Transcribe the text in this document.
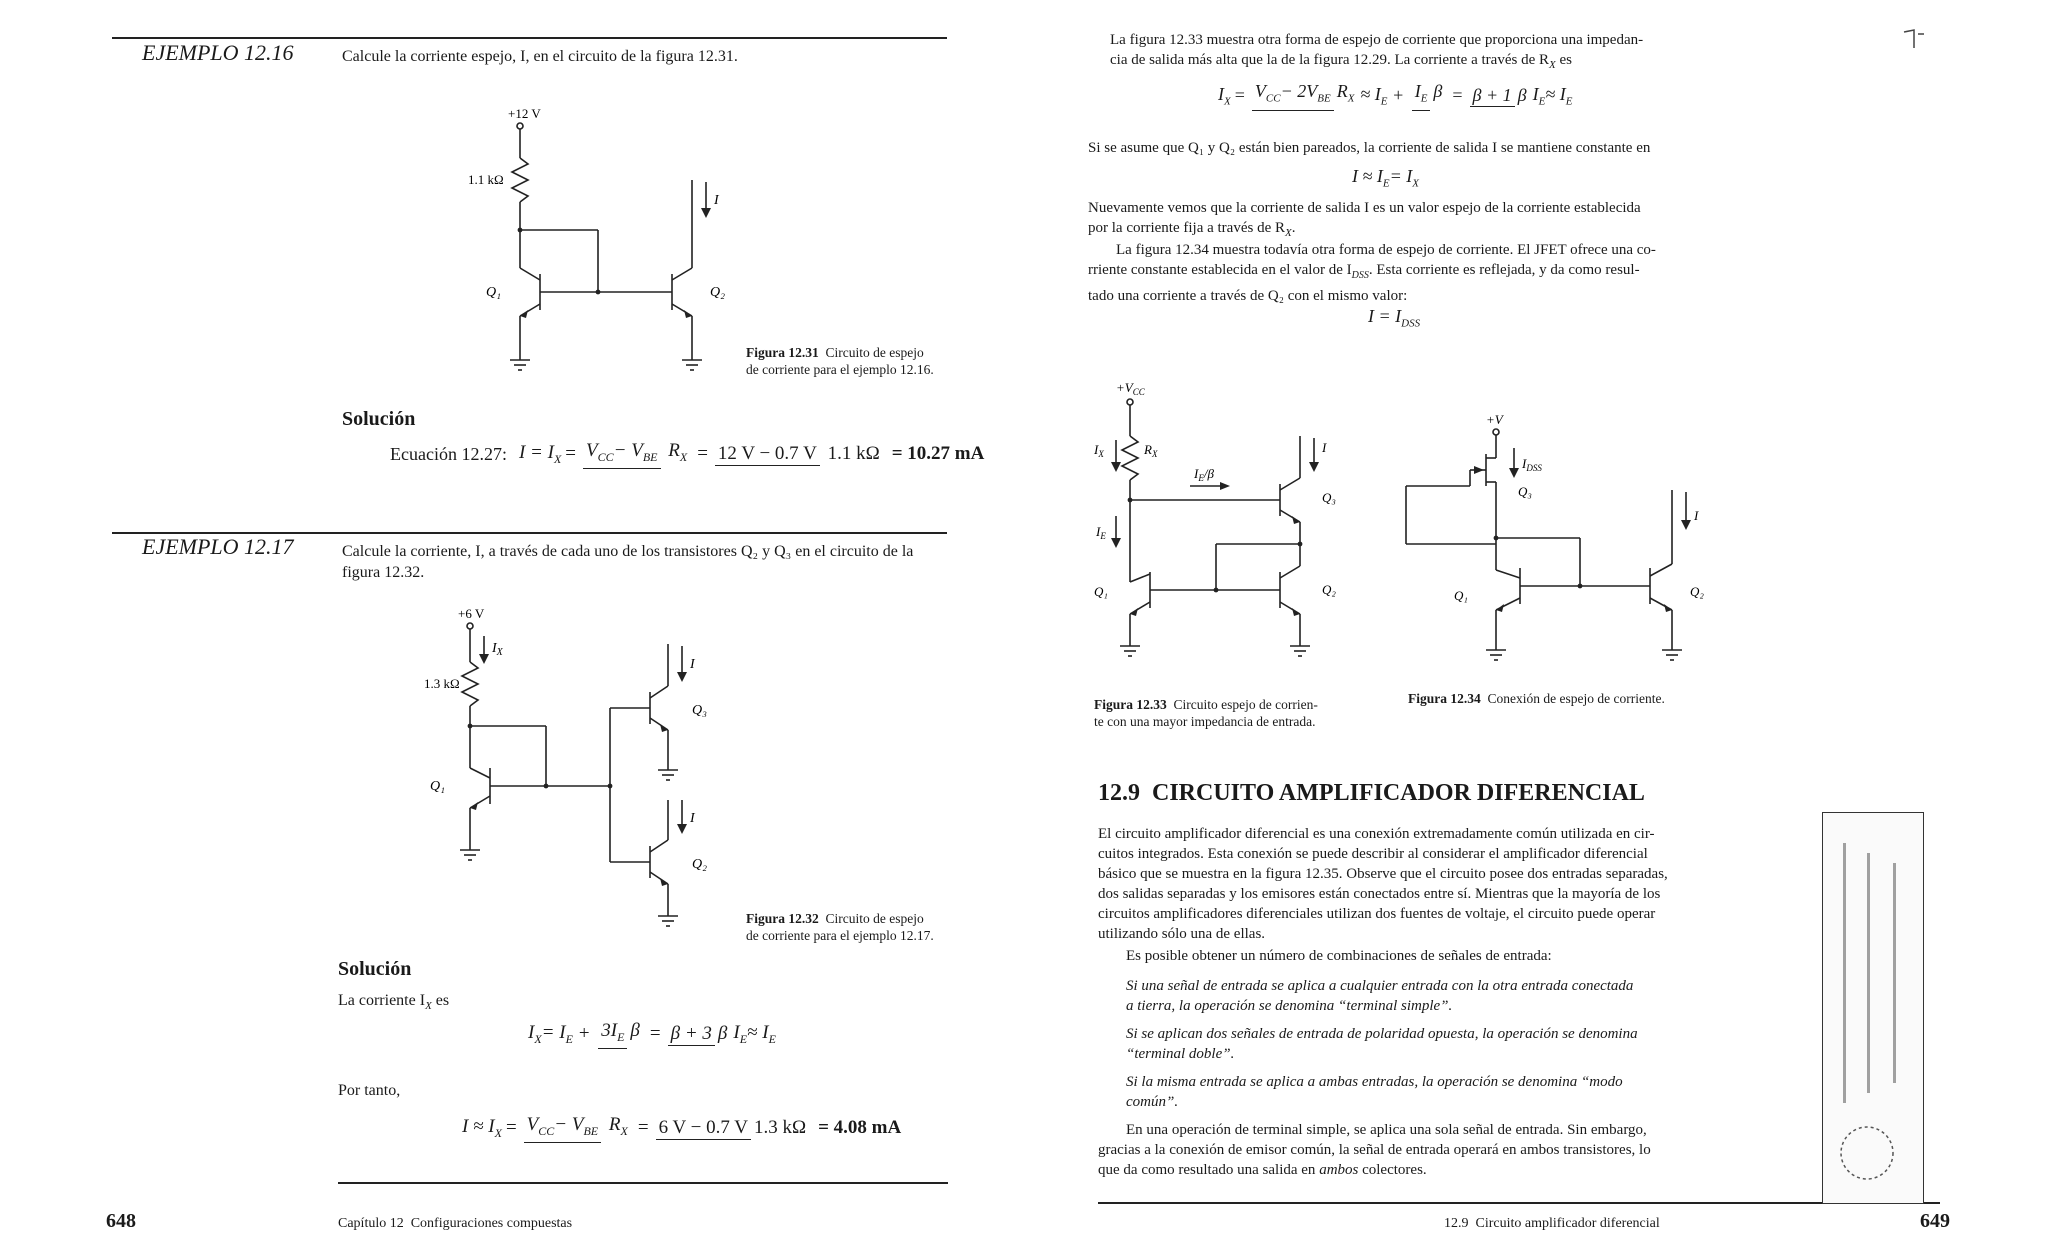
EJEMPLO 12.16	Calcule la corriente espejo, I, en el circuito de la figura 12.31.
+12 V
1.1 kΩ
I
Q₁	Q₂
Figura 12.31 Circuito de espejo
de corriente para el ejemplo 12.16.
Solución
Ecuación 12.27: $I = I_X = V_{CC}- V_{BE}$ $R_X = 12$ V − 0.7 V 1.1 kΩ = 10.27 mA
EJEMPLO 12.17	Calcule la corriente, I, a través de cada uno de los transistores Q₂ y Q₃ en el circuito de la
figura 12.32.
+6 V
1.3 kΩ
$I_X$
I
I
Q₁
Q₃
Q₂
Figura 12.32 Circuito de espejo
de corriente para el ejemplo 12.17.
Solución
La corriente $I_X$ es
$I_X = I_E + 3I_E$ β = β + 3 β $I_E\approx I_E$
Por tanto,
$I \approx I_X = V_{CC}- V_{BE}$ $R_X = 6$ V − 0.7 V 1.3 kΩ = 4.08 mA
648	Capítulo 12  Configuraciones compuestas
La figura 12.33 muestra otra forma de espejo de corriente que proporciona una impedan-
cia de salida más alta que la de la figura 12.29. La corriente a través de $R_X$ es
$I_X = V_{CC}- 2V_{BE}$ $R_X \approx I_E + I_E$ β = β + 1 β $I_E\approx I_E$
Si se asume que Q₁ y Q₂ están bien pareados, la corriente de salida I se mantiene constante en
$I \approx I_E= I_X$
Nuevamente vemos que la corriente de salida I es un valor espejo de la corriente establecida
por la corriente fija a través de $R_X$.
La figura 12.34 muestra todavía otra forma de espejo de corriente. El JFET ofrece una co-
rriente constante establecida en el valor de $I_{DSS}$. Esta corriente es reflejada, y da como resul-
tado una corriente a través de Q₂ con el mismo valor:
$I = I_{DSS}$
$+V_{CC}$
$I_X$	$R_X$
$I_E/\beta$
$I_E$
I
Q₃
Q₁	Q₂
Figura 12.33 Circuito espejo de corrien-
te con una mayor impedancia de entrada.
+V
$I_{DSS}$
Q₃
I
Q₁	Q₂
Figura 12.34 Conexión de espejo de corriente.
12.9  CIRCUITO AMPLIFICADOR DIFERENCIAL
El circuito amplificador diferencial es una conexión extremadamente común utilizada en cir-
cuitos integrados. Esta conexión se puede describir al considerar el amplificador diferencial
básico que se muestra en la figura 12.35. Observe que el circuito posee dos entradas separadas,
dos salidas separadas y los emisores están conectados entre sí. Mientras que la mayoría de los
circuitos amplificadores diferenciales utilizan dos fuentes de voltaje, el circuito puede operar
utilizando sólo una de ellas.
Es posible obtener un número de combinaciones de señales de entrada:
Si una señal de entrada se aplica a cualquier entrada con la otra entrada conectada
a tierra, la operación se denomina “terminal simple”.
Si se aplican dos señales de entrada de polaridad opuesta, la operación se denomina
“terminal doble”.
Si la misma entrada se aplica a ambas entradas, la operación se denomina “modo
común”.
En una operación de terminal simple, se aplica una sola señal de entrada. Sin embargo,
gracias a la conexión de emisor común, la señal de entrada operará en ambos transistores, lo
que da como resultado una salida en ambos colectores.
12.9  Circuito amplificador diferencial	649
